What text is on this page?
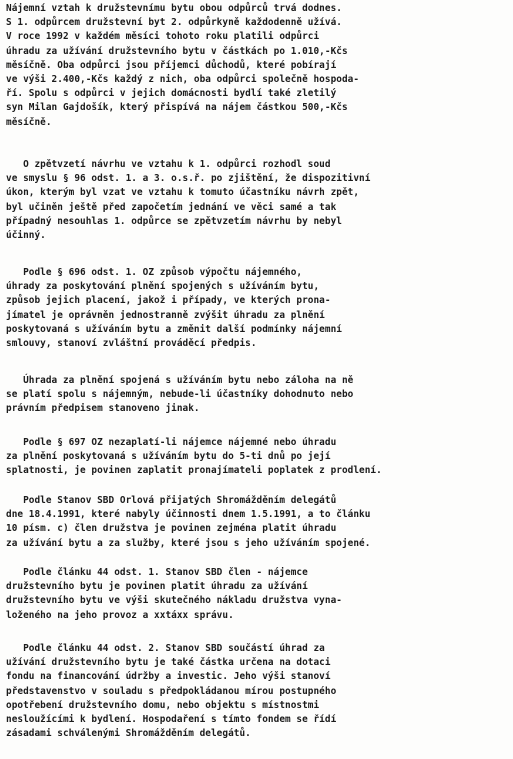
Nájemní vztah k družstevnímu bytu obou odpůrců trvá dodnes.
S 1. odpůrcem družstevní byt 2. odpůrkyně každodenně užívá.
V roce 1992 v každém měsíci tohoto roku platili odpůrci
úhradu za užívání družstevního bytu v částkách po 1.010,-Kčs
měsíčně. Oba odpůrci jsou příjemci důchodů, které pobírají
ve výši 2.400,-Kčs každý z nich, oba odpůrci společně hospoda-
ří. Spolu s odpůrci v jejich domácnosti bydlí také zletilý
syn Milan Gajdošík, který přispívá na nájem částkou 500,-Kčs
měsíčně.
O zpětvzetí návrhu ve vztahu k 1. odpůrci rozhodl soud
ve smyslu § 96 odst. 1. a 3. o.s.ř. po zjištění, že dispozitivní
úkon, kterým byl vzat ve vztahu k tomuto účastníku návrh zpět,
byl učiněn ještě před započetím jednání ve věci samé a tak
případný nesouhlas 1. odpůrce se zpětvzetím návrhu by nebyl
účinný.
Podle § 696 odst. 1. OZ způsob výpočtu nájemného,
úhrady za poskytování plnění spojených s užíváním bytu,
způsob jejich placení, jakož i případy, ve kterých prona-
jímatel je oprávněn jednostranně zvýšit úhradu za plnění
poskytovaná s užíváním bytu a změnit další podmínky nájemní
smlouvy, stanoví zvláštní prováděcí předpis.
Úhrada za plnění spojená s užíváním bytu nebo záloha na ně
se platí spolu s nájemným, nebude-li účastníky dohodnuto nebo
právním předpisem stanoveno jinak.
Podle § 697 OZ nezaplatí-li nájemce nájemné nebo úhradu
za plnění poskytovaná s užíváním bytu do 5-ti dnů po její
splatnosti, je povinen zaplatit pronajímateli poplatek z prodlení.
Podle Stanov SBD Orlová přijatých Shromážděním delegátů
dne 18.4.1991, které nabyly účinnosti dnem 1.5.1991, a to článku
10 písm. c) člen družstva je povinen zejména platit úhradu
za užívání bytu a za služby, které jsou s jeho užíváním spojené.
Podle článku 44 odst. 1. Stanov SBD člen - nájemce
družstevního bytu je povinen platit úhradu za užívání
družstevního bytu ve výši skutečného nákladu družstva vyna-
loženého na jeho provoz a xxtáxx správu.
Podle článku 44 odst. 2. Stanov SBD součástí úhrad za
užívání družstevního bytu je také částka určena na dotaci
fondu na financování údržby a investic. Jeho výši stanoví
představenstvo v souladu s předpokládanou mírou postupného
opotřebení družstevního domu, nebo objektu s místnostmi
nesloužícími k bydlení. Hospodaření s tímto fondem se řídí
zásadami schválenými Shromážděním delegátů.
